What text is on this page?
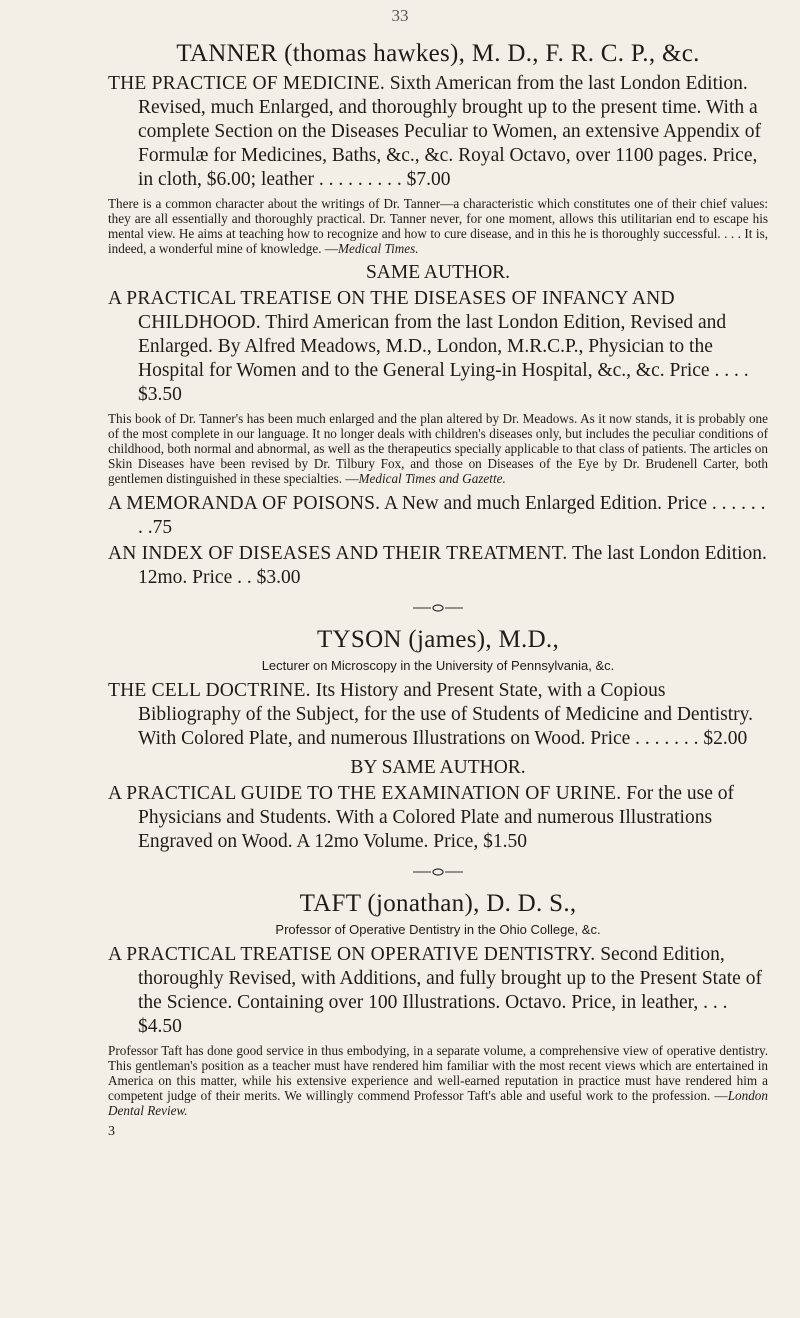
33
TANNER (thomas hawkes), M. D., F. R. C. P., &c.

THE PRACTICE OF MEDICINE. Sixth American from the last London Edition. Revised, much Enlarged, and thoroughly brought up to the present time. With a complete Section on the Diseases Peculiar to Women, an extensive Appendix of Formulæ for Medicines, Baths, &c., &c. Royal Octavo, over 1100 pages. Price, in cloth, $6.00; leather . . . . . . . . . $7.00

There is a common character about the writings of Dr. Tanner—a characteristic which constitutes one of their chief values: they are all essentially and thoroughly practical. Dr. Tanner never, for one moment, allows this utilitarian end to escape his mental view. He aims at teaching how to recognize and how to cure disease, and in this he is thoroughly successful. . . . It is, indeed, a wonderful mine of knowledge. —Medical Times.

SAME AUTHOR.

A PRACTICAL TREATISE ON THE DISEASES OF INFANCY AND CHILDHOOD. Third American from the last London Edition, Revised and Enlarged. By Alfred Meadows, M.D., London, M.R.C.P., Physician to the Hospital for Women and to the General Lying-in Hospital, &c., &c. Price . . . . $3.50

This book of Dr. Tanner's has been much enlarged and the plan altered by Dr. Meadows. As it now stands, it is probably one of the most complete in our language. It no longer deals with children's diseases only, but includes the peculiar conditions of childhood, both normal and abnormal, as well as the therapeutics specially applicable to that class of patients. The articles on Skin Diseases have been revised by Dr. Tilbury Fox, and those on Diseases of the Eye by Dr. Brudenell Carter, both gentlemen distinguished in these specialties. —Medical Times and Gazette.

A MEMORANDA OF POISONS. A New and much Enlarged Edition. Price . . . . . . . .75

AN INDEX OF DISEASES AND THEIR TREATMENT. The last London Edition. 12mo. Price . . $3.00

TYSON (james), M.D.,
Lecturer on Microscopy in the University of Pennsylvania, &c.

THE CELL DOCTRINE. Its History and Present State, with a Copious Bibliography of the Subject, for the use of Students of Medicine and Dentistry. With Colored Plate, and numerous Illustrations on Wood. Price . . . . . . . $2.00

BY SAME AUTHOR.

A PRACTICAL GUIDE TO THE EXAMINATION OF URINE. For the use of Physicians and Students. With a Colored Plate and numerous Illustrations Engraved on Wood. A 12mo Volume. Price, $1.50

TAFT (jonathan), D. D. S.,
Professor of Operative Dentistry in the Ohio College, &c.

A PRACTICAL TREATISE ON OPERATIVE DENTISTRY. Second Edition, thoroughly Revised, with Additions, and fully brought up to the Present State of the Science. Containing over 100 Illustrations. Octavo. Price, in leather, . . . $4.50

Professor Taft has done good service in thus embodying, in a separate volume, a comprehensive view of operative dentistry. This gentleman's position as a teacher must have rendered him familiar with the most recent views which are entertained in America on this matter, while his extensive experience and well-earned reputation in practice must have rendered him a competent judge of their merits. We willingly commend Professor Taft's able and useful work to the profession. —London Dental Review.

3
